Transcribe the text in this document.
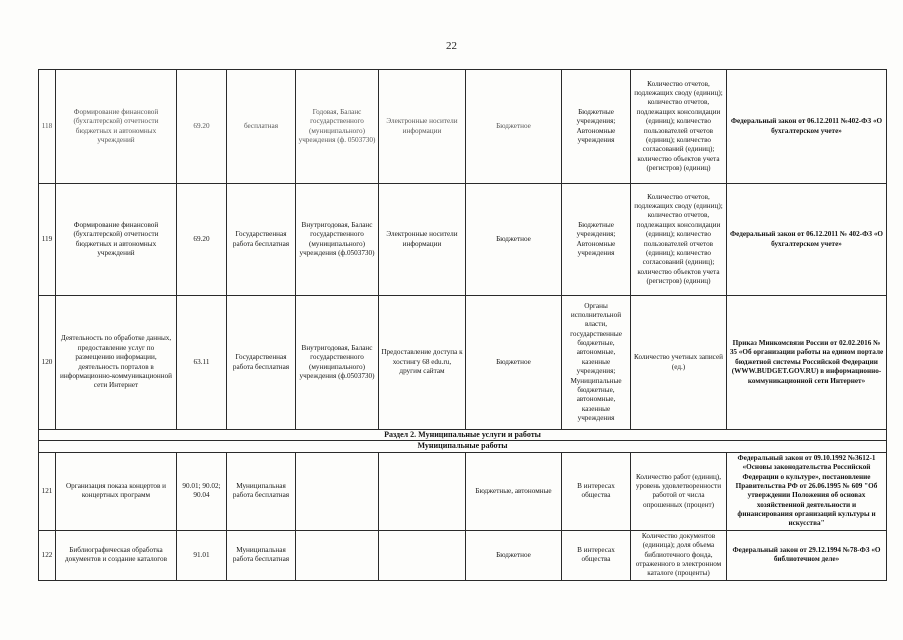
22
118	Формирование финансовой (бухгалтерской) отчетности бюджетных и автономных учреждений	69.20	бесплатная	Годовая, Баланс государственного (муниципального) учреждения (ф. 0503730)	Электронные носители информации	Бюджетное	Бюджетные учреждения; Автономные учреждения	Количество отчетов, подлежащих своду (единиц); количество отчетов, подлежащих консолидации (единиц); количество пользователей отчетов (единиц); количество согласований (единиц); количество объектов учета (регистров) (единиц)	Федеральный закон от 06.12.2011 №402-ФЗ «О бухгалтерском учете»
119	Формирование финансовой (бухгалтерской) отчетности бюджетных и автономных учреждений	69.20	Государственная работа бесплатная	Внутригодовая, Баланс государственного (муниципального) учреждения (ф.0503730)	Электронные носители информации	Бюджетное	Бюджетные учреждения; Автономные учреждения	Количество отчетов, подлежащих своду (единиц); количество отчетов, подлежащих консолидации (единиц); количество пользователей отчетов (единиц); количество согласований (единиц); количество объектов учета (регистров) (единиц)	Федеральный закон от 06.12.2011 № 402-ФЗ «О бухгалтерском учете»
120	Деятельность по обработке данных, предоставление услуг по размещению информации, деятельность порталов в информационно-коммуникационной сети Интернет	63.11	Государственная работа бесплатная	Внутригодовая, Баланс государственного (муниципального) учреждения (ф.0503730)	Предоставление доступа к хостингу 68 edu.ru, другим сайтам	Бюджетное	Органы исполнительной власти, государственные бюджетные, автономные, казенные учреждения; Муниципальные бюджетные, автономные, казенные учреждения	Количество учетных записей (ед.)	Приказ Минкомсвязи России от 02.02.2016 № 35 «Об организации работы на едином портале бюджетной системы Российской Федерации (WWW.BUDGET.GOV.RU) в информационно-коммуникационной сети Интернет»
Раздел 2. Муниципальные услуги и работы									
Муниципальные работы									
121	Организация показа концертов и концертных программ	90.01; 90.02; 90.04	Муниципальная работа бесплатная			Бюджетные, автономные	В интересах общества	Количество работ (единиц), уровень удовлетворенности работой от числа опрошенных (процент)	Федеральный закон от 09.10.1992 №3612-1 «Основы законодательства Российской Федерации о культуре», постановление Правительства РФ от 26.06.1995 № 609 "Об утверждении Положения об основах хозяйственной деятельности и финансирования организаций культуры и искусства"
122	Библиографическая обработка документов и создание каталогов	91.01	Муниципальная работа бесплатная			Бюджетное	В интересах общества	Количество документов (единица); доля объема библиотечного фонда, отраженного в электронном каталоге (проценты)	Федеральный закон от 29.12.1994 №78-ФЗ «О библиотечном деле»
